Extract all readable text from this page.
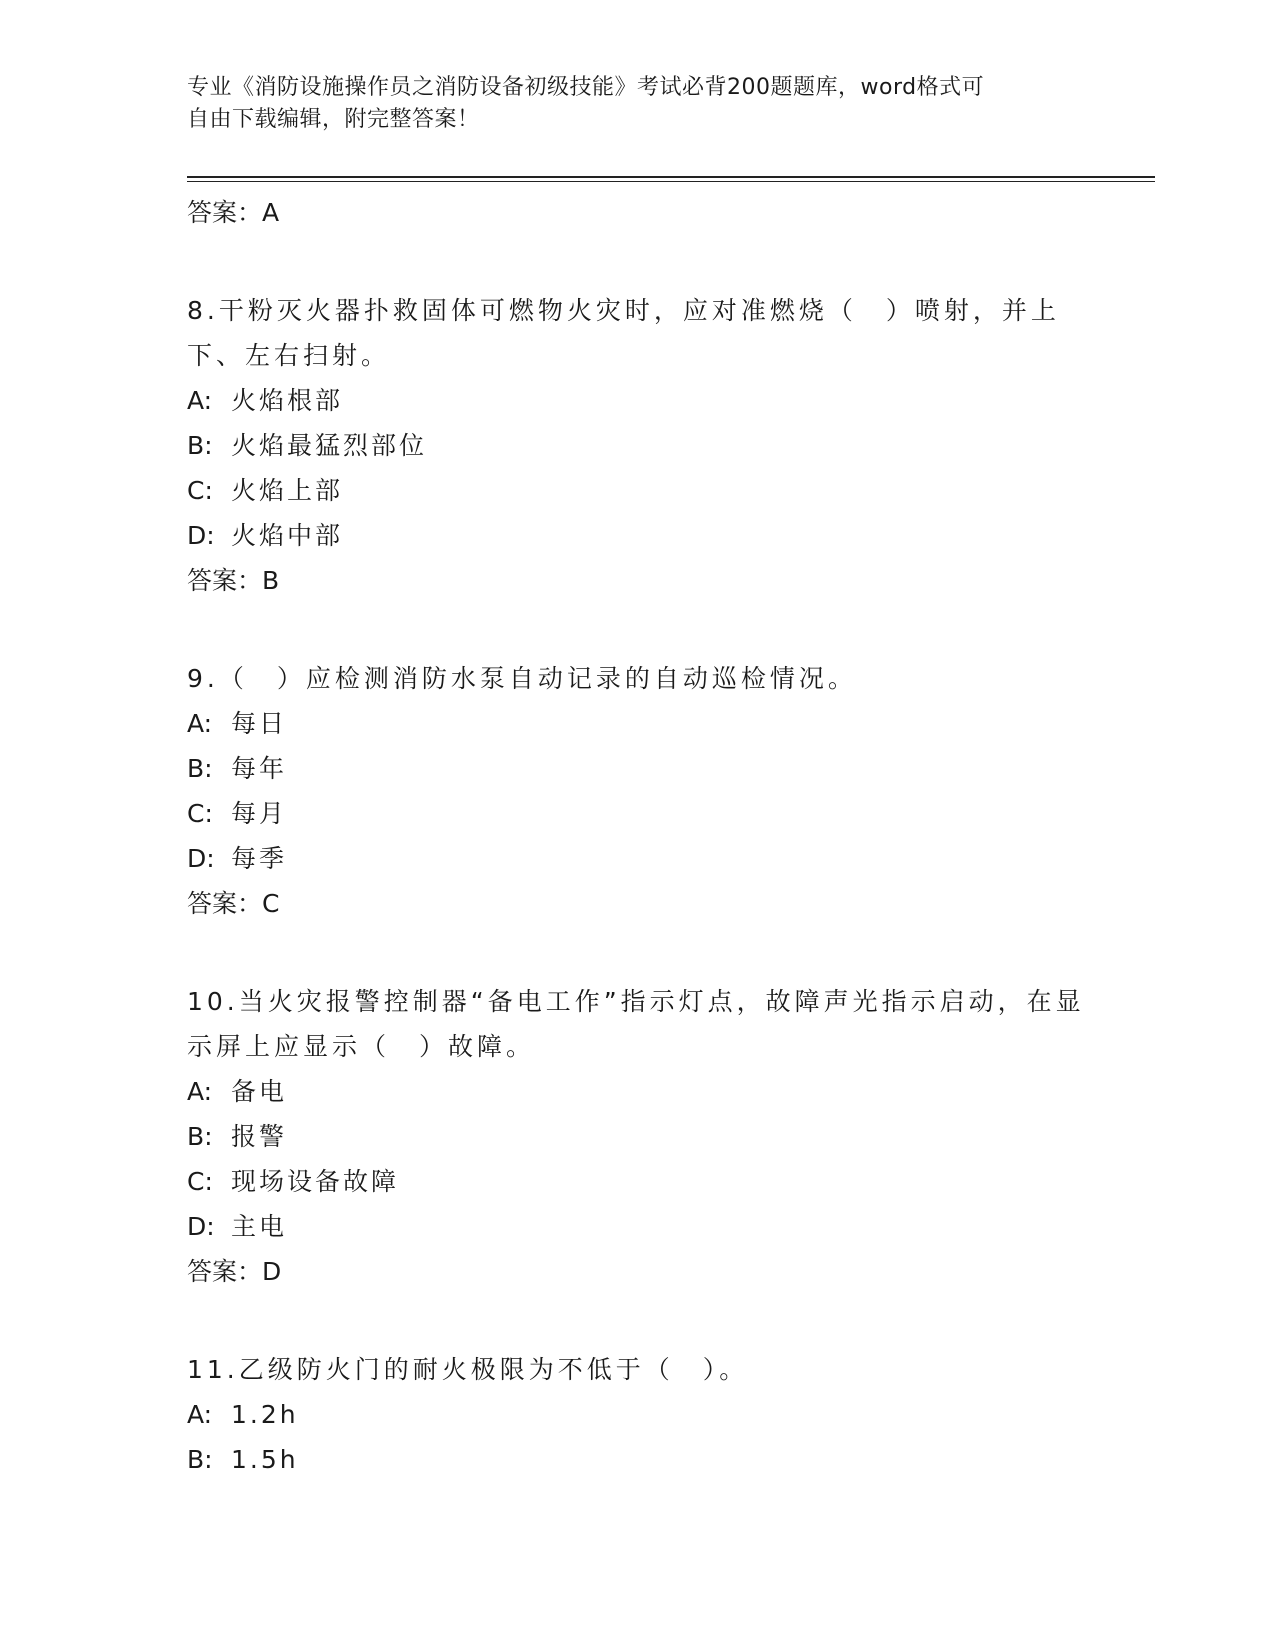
专业《消防设施操作员之消防设备初级技能》考试必背200题题库，word格式可
自由下载编辑，附完整答案！
答案：A
8.干粉灭火器扑救固体可燃物火灾时，应对准燃烧（　）喷射，并上下、左右扫射。
A: 火焰根部
B: 火焰最猛烈部位
C: 火焰上部
D: 火焰中部
答案：B
9.（　）应检测消防水泵自动记录的自动巡检情况。
A: 每日
B: 每年
C: 每月
D: 每季
答案：C
10.当火灾报警控制器“备电工作”指示灯点，故障声光指示启动，在显示屏上应显示（　）故障。
A: 备电
B: 报警
C: 现场设备故障
D: 主电
答案：D
11.乙级防火门的耐火极限为不低于（　）。
A: 1.2h
B: 1.5h
